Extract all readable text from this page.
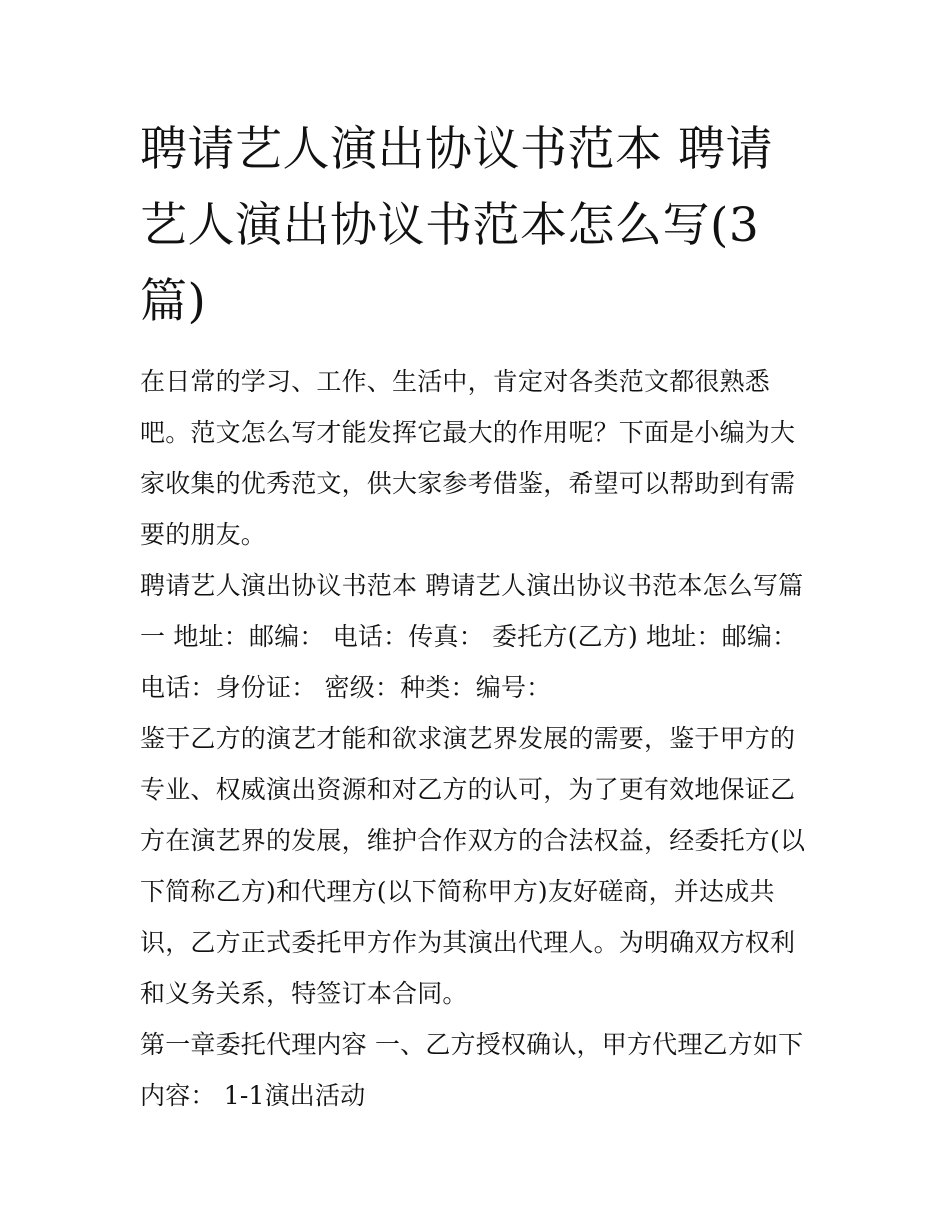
聘请艺人演出协议书范本 聘请艺人演出协议书范本怎么写(3篇)

在日常的学习、工作、生活中，肯定对各类范文都很熟悉吧。范文怎么写才能发挥它最大的作用呢？下面是小编为大家收集的优秀范文，供大家参考借鉴，希望可以帮助到有需要的朋友。

聘请艺人演出协议书范本 聘请艺人演出协议书范本怎么写篇一 地址：邮编： 电话：传真： 委托方(乙方) 地址：邮编： 电话：身份证： 密级：种类：编号：

鉴于乙方的演艺才能和欲求演艺界发展的需要，鉴于甲方的专业、权威演出资源和对乙方的认可，为了更有效地保证乙方在演艺界的发展，维护合作双方的合法权益，经委托方(以下简称乙方)和代理方(以下简称甲方)友好磋商，并达成共识，乙方正式委托甲方作为其演出代理人。为明确双方权利和义务关系，特签订本合同。

第一章委托代理内容 一、乙方授权确认，甲方代理乙方如下内容： 1-1演出活动
